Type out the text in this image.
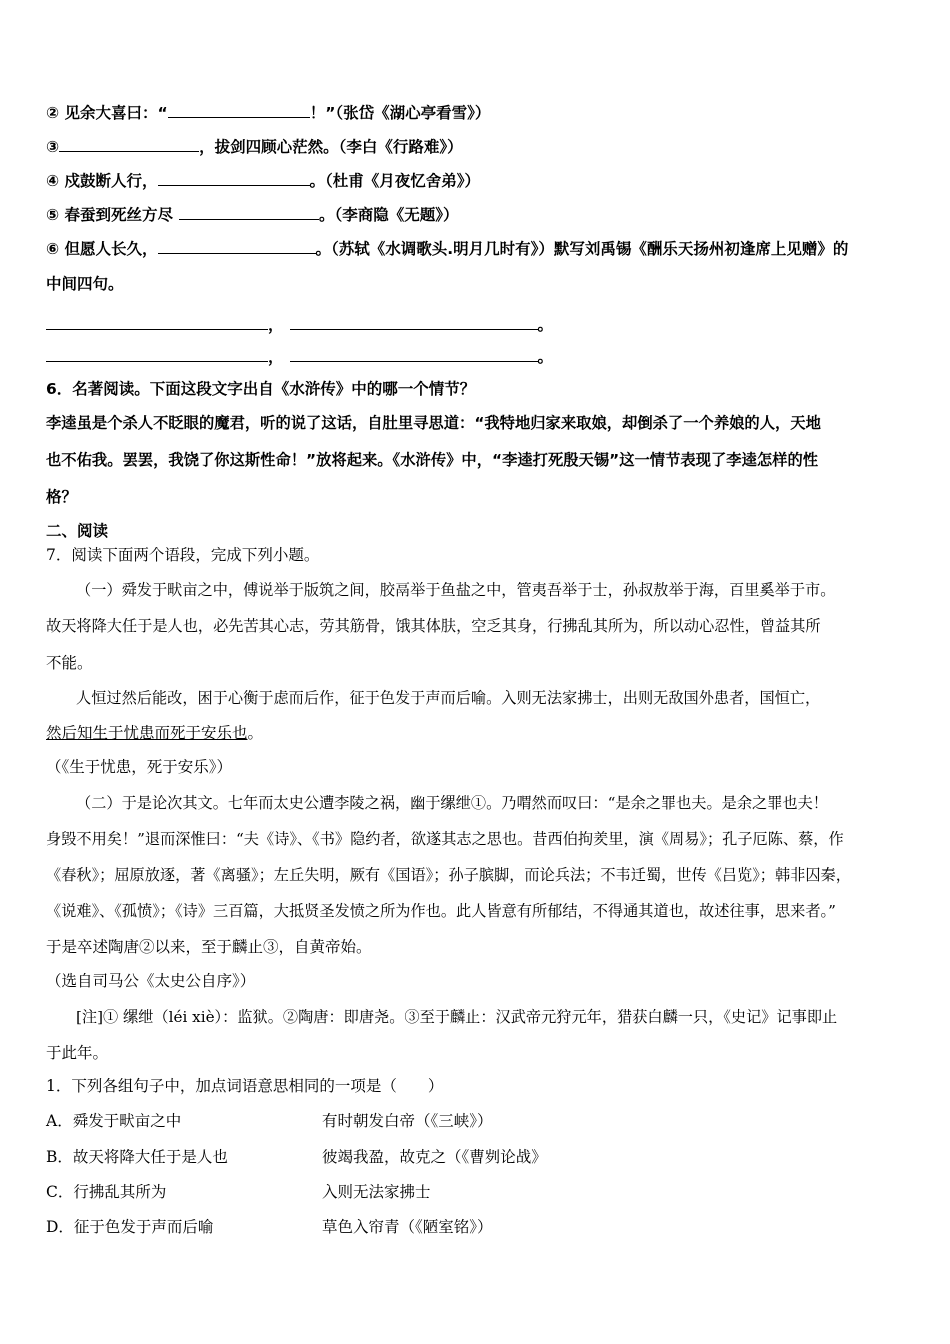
② 见余大喜曰：“	！”（张岱《湖心亭看雪》）
③	，拔剑四顾心茫然。（李白《行路难》）
④ 戍鼓断人行，	。（杜甫《月夜忆舍弟》）
⑤ 春蚕到死丝方尽	。（李商隐《无题》）
⑥ 但愿人长久，	。（苏轼《水调歌头.明月几时有》）默写刘禹锡《酬乐天扬州初逢席上见赠》的
中间四句。
，	。
，	。
6．名著阅读。下面这段文字出自《水浒传》中的哪一个情节？
李逵虽是个杀人不眨眼的魔君，听的说了这话，自肚里寻思道：“我特地归家来取娘，却倒杀了一个养娘的人，天地
也不佑我。罢罢，我饶了你这斯性命！”放将起来。《水浒传》中，“李逵打死殷天锡”这一情节表现了李逵怎样的性
格？
二、阅读
7．阅读下面两个语段，完成下列小题。
（一）舜发于畎亩之中，傅说举于版筑之间，胶鬲举于鱼盐之中，管夷吾举于士，孙叔敖举于海，百里奚举于市。
故天将降大任于是人也，必先苦其心志，劳其筋骨，饿其体肤，空乏其身，行拂乱其所为，所以动心忍性，曾益其所
不能。
人恒过然后能改，困于心衡于虑而后作，征于色发于声而后喻。入则无法家拂士，出则无敌国外患者，国恒亡，
然后知生于忧患而死于安乐也。
（《生于忧患，死于安乐》）
（二）于是论次其文。七年而太史公遭李陵之祸，幽于缧绁①。乃喟然而叹曰：“是余之罪也夫。是余之罪也夫！
身毁不用矣！”退而深惟曰：“夫《诗》、《书》隐约者，欲遂其志之思也。昔西伯拘羑里，演《周易》；孔子厄陈、蔡，作
《春秋》；屈原放逐，著《离骚》；左丘失明，厥有《国语》；孙子膑脚，而论兵法；不韦迁蜀，世传《吕览》；韩非囚秦，
《说难》、《孤愤》；《诗》三百篇，大抵贤圣发愤之所为作也。此人皆意有所郁结，不得通其道也，故述往事，思来者。”
于是卒述陶唐②以来，至于麟止③，自黄帝始。
（选自司马公《太史公自序》）
[注]① 缧绁（léi xiè）：监狱。②陶唐：即唐尧。③至于麟止：汉武帝元狩元年，猎获白麟一只，《史记》记事即止
于此年。
1．下列各组句子中，加点词语意思相同的一项是（　　）
A．舜发于畎亩之中	有时朝发白帝（《三峡》）
B．故天将降大任于是人也	彼竭我盈，故克之（《曹刿论战》
C．行拂乱其所为	入则无法家拂士
D．征于色发于声而后喻	草色入帘青（《陋室铭》）
